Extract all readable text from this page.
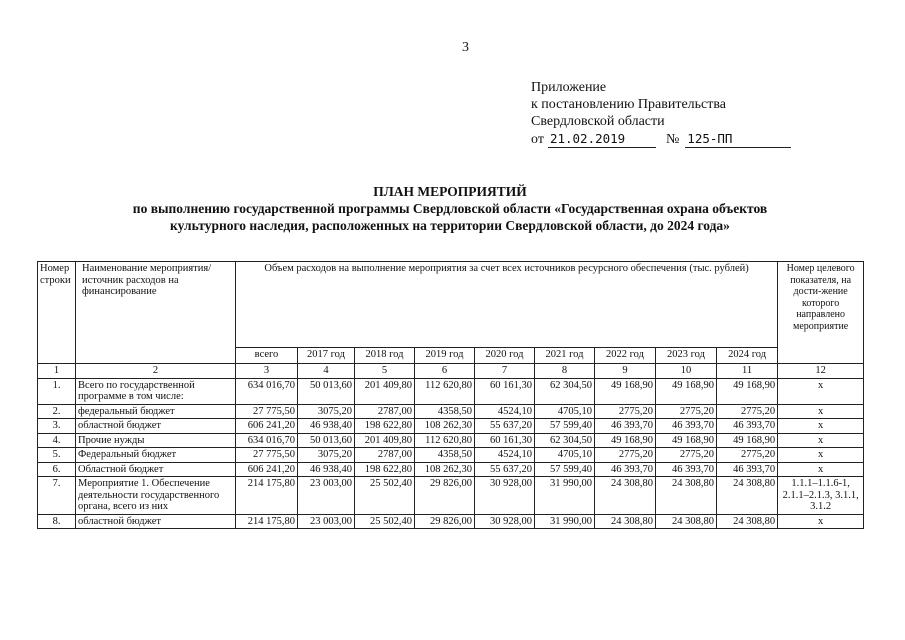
3
Приложение
к постановлению Правительства
Свердловской области
от 21.02.2019	№ 125-ПП
ПЛАН МЕРОПРИЯТИЙ
по выполнению государственной программы Свердловской области «Государственная охрана объектов
культурного наследия, расположенных на территории Свердловской области, до 2024 года»
Номер строки	Наименование мероприятия/источник расходов на финансирование	Объем расходов на выполнение мероприятия за счет всех источников ресурсного обеспечения (тыс. рублей)									Номер целевого показателя, на дости-жение которого направлено мероприятие
		всего	2017 год	2018 год	2019 год	2020 год	2021 год	2022 год	2023 год	2024 год	
1	2	3	4	5	6	7	8	9	10	11	12
1.	Всего по государственной программе в том числе:	634 016,70	50 013,60	201 409,80	112 620,80	60 161,30	62 304,50	49 168,90	49 168,90	49 168,90	x
2.	федеральный бюджет	27 775,50	3075,20	2787,00	4358,50	4524,10	4705,10	2775,20	2775,20	2775,20	x
3.	областной бюджет	606 241,20	46 938,40	198 622,80	108 262,30	55 637,20	57 599,40	46 393,70	46 393,70	46 393,70	x
4.	Прочие нужды	634 016,70	50 013,60	201 409,80	112 620,80	60 161,30	62 304,50	49 168,90	49 168,90	49 168,90	x
5.	Федеральный бюджет	27 775,50	3075,20	2787,00	4358,50	4524,10	4705,10	2775,20	2775,20	2775,20	x
6.	Областной бюджет	606 241,20	46 938,40	198 622,80	108 262,30	55 637,20	57 599,40	46 393,70	46 393,70	46 393,70	x
7.	Мероприятие 1. Обеспечение деятельности государственного органа, всего из них	214 175,80	23 003,00	25 502,40	29 826,00	30 928,00	31 990,00	24 308,80	24 308,80	24 308,80	1.1.1–1.1.6-1, 2.1.1–2.1.3, 3.1.1, 3.1.2
8.	областной бюджет	214 175,80	23 003,00	25 502,40	29 826,00	30 928,00	31 990,00	24 308,80	24 308,80	24 308,80	x
